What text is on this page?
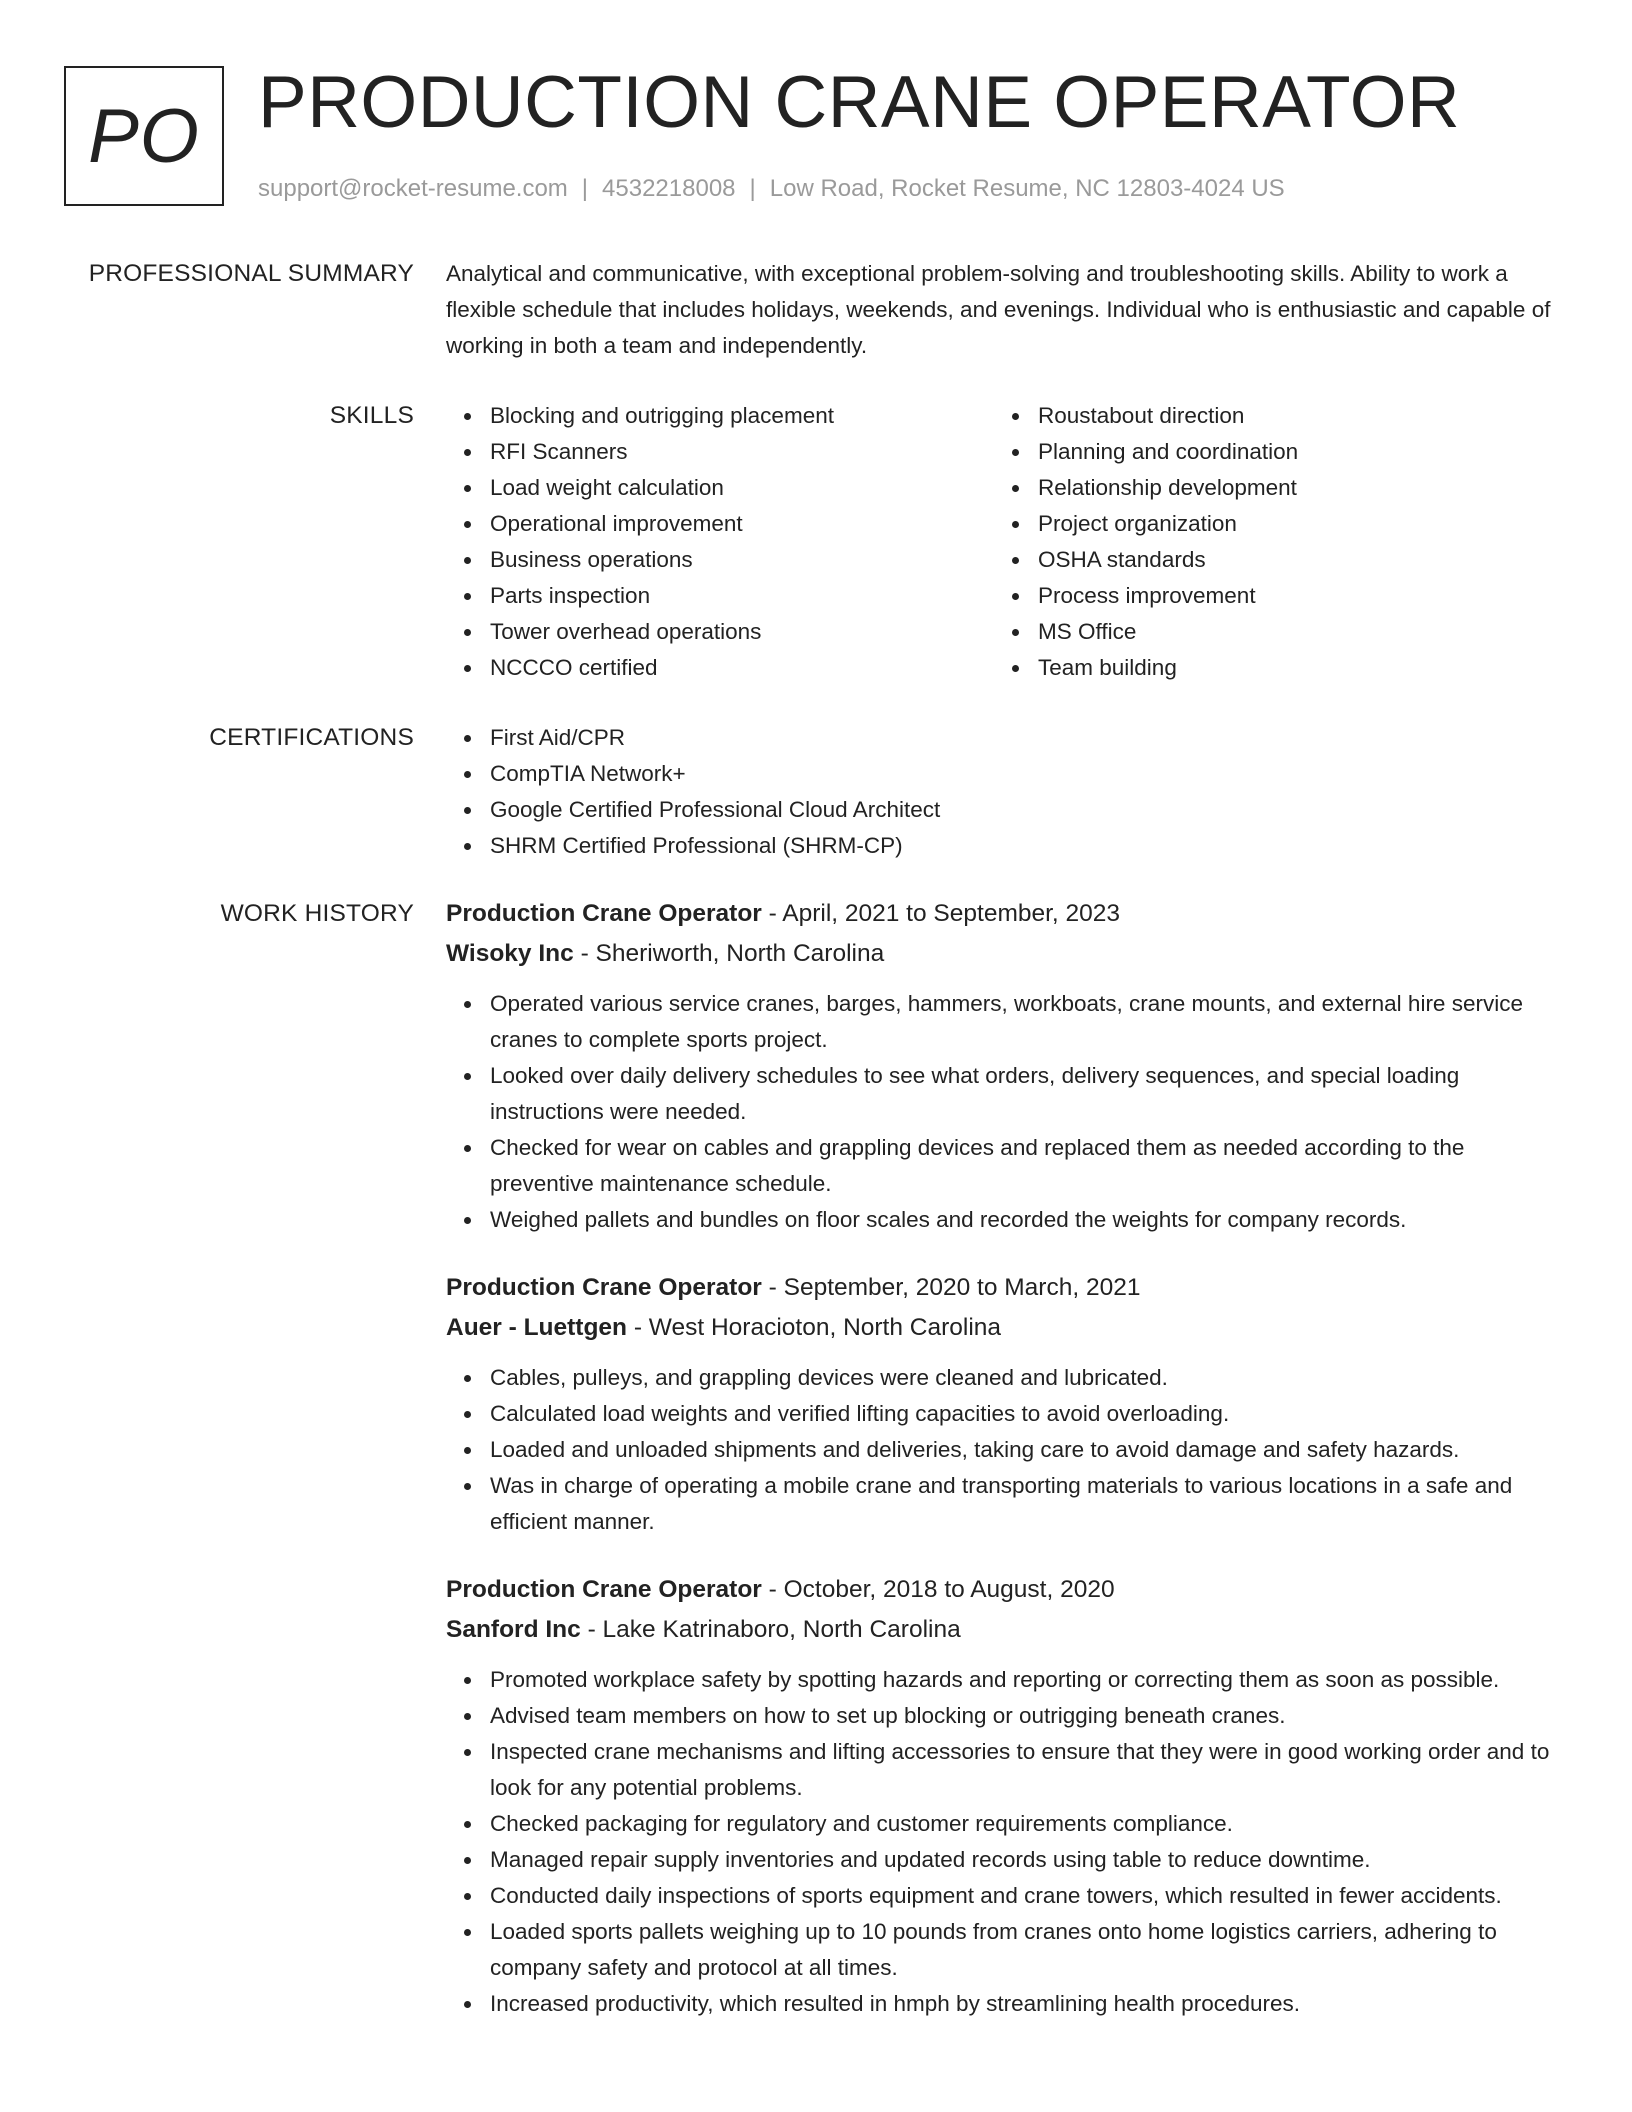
PO PRODUCTION CRANE OPERATOR
support@rocket-resume.com | 4532218008 | Low Road, Rocket Resume, NC 12803-4024 US
PROFESSIONAL SUMMARY Analytical and communicative, with exceptional problem-solving and troubleshooting skills. Ability to work a flexible schedule that includes holidays, weekends, and evenings. Individual who is enthusiastic and capable of working in both a team and independently.

SKILLS	Blocking and outrigging placement
RFI Scanners
Load weight calculation
Operational improvement
Business operations
Parts inspection
Tower overhead operations
NCCCO certified
Roustabout direction
Planning and coordination
Relationship development
Project organization
OSHA standards
Process improvement
MS Office
Team building
CERTIFICATIONS	First Aid/CPR
CompTIA Network+
Google Certified Professional Cloud Architect
SHRM Certified Professional (SHRM-CP)
WORK HISTORY Production Crane Operator - April, 2021 to September, 2023
Wisoky Inc - Sheriworth, North Carolina
Operated various service cranes, barges, hammers, workboats, crane mounts, and external hire service cranes to complete sports project.
Looked over daily delivery schedules to see what orders, delivery sequences, and special loading instructions were needed.
Checked for wear on cables and grappling devices and replaced them as needed according to the preventive maintenance schedule.
Weighed pallets and bundles on floor scales and recorded the weights for company records.
Production Crane Operator - September, 2020 to March, 2021
Auer - Luettgen - West Horacioton, North Carolina
Cables, pulleys, and grappling devices were cleaned and lubricated.
Calculated load weights and verified lifting capacities to avoid overloading.
Loaded and unloaded shipments and deliveries, taking care to avoid damage and safety hazards.
Was in charge of operating a mobile crane and transporting materials to various locations in a safe and efficient manner.
Production Crane Operator - October, 2018 to August, 2020
Sanford Inc - Lake Katrinaboro, North Carolina
Promoted workplace safety by spotting hazards and reporting or correcting them as soon as possible.
Advised team members on how to set up blocking or outrigging beneath cranes.
Inspected crane mechanisms and lifting accessories to ensure that they were in good working order and to look for any potential problems.
Checked packaging for regulatory and customer requirements compliance.
Managed repair supply inventories and updated records using table to reduce downtime.
Conducted daily inspections of sports equipment and crane towers, which resulted in fewer accidents.
Loaded sports pallets weighing up to 10 pounds from cranes onto home logistics carriers, adhering to company safety and protocol at all times.
Increased productivity, which resulted in hmph by streamlining health procedures.
